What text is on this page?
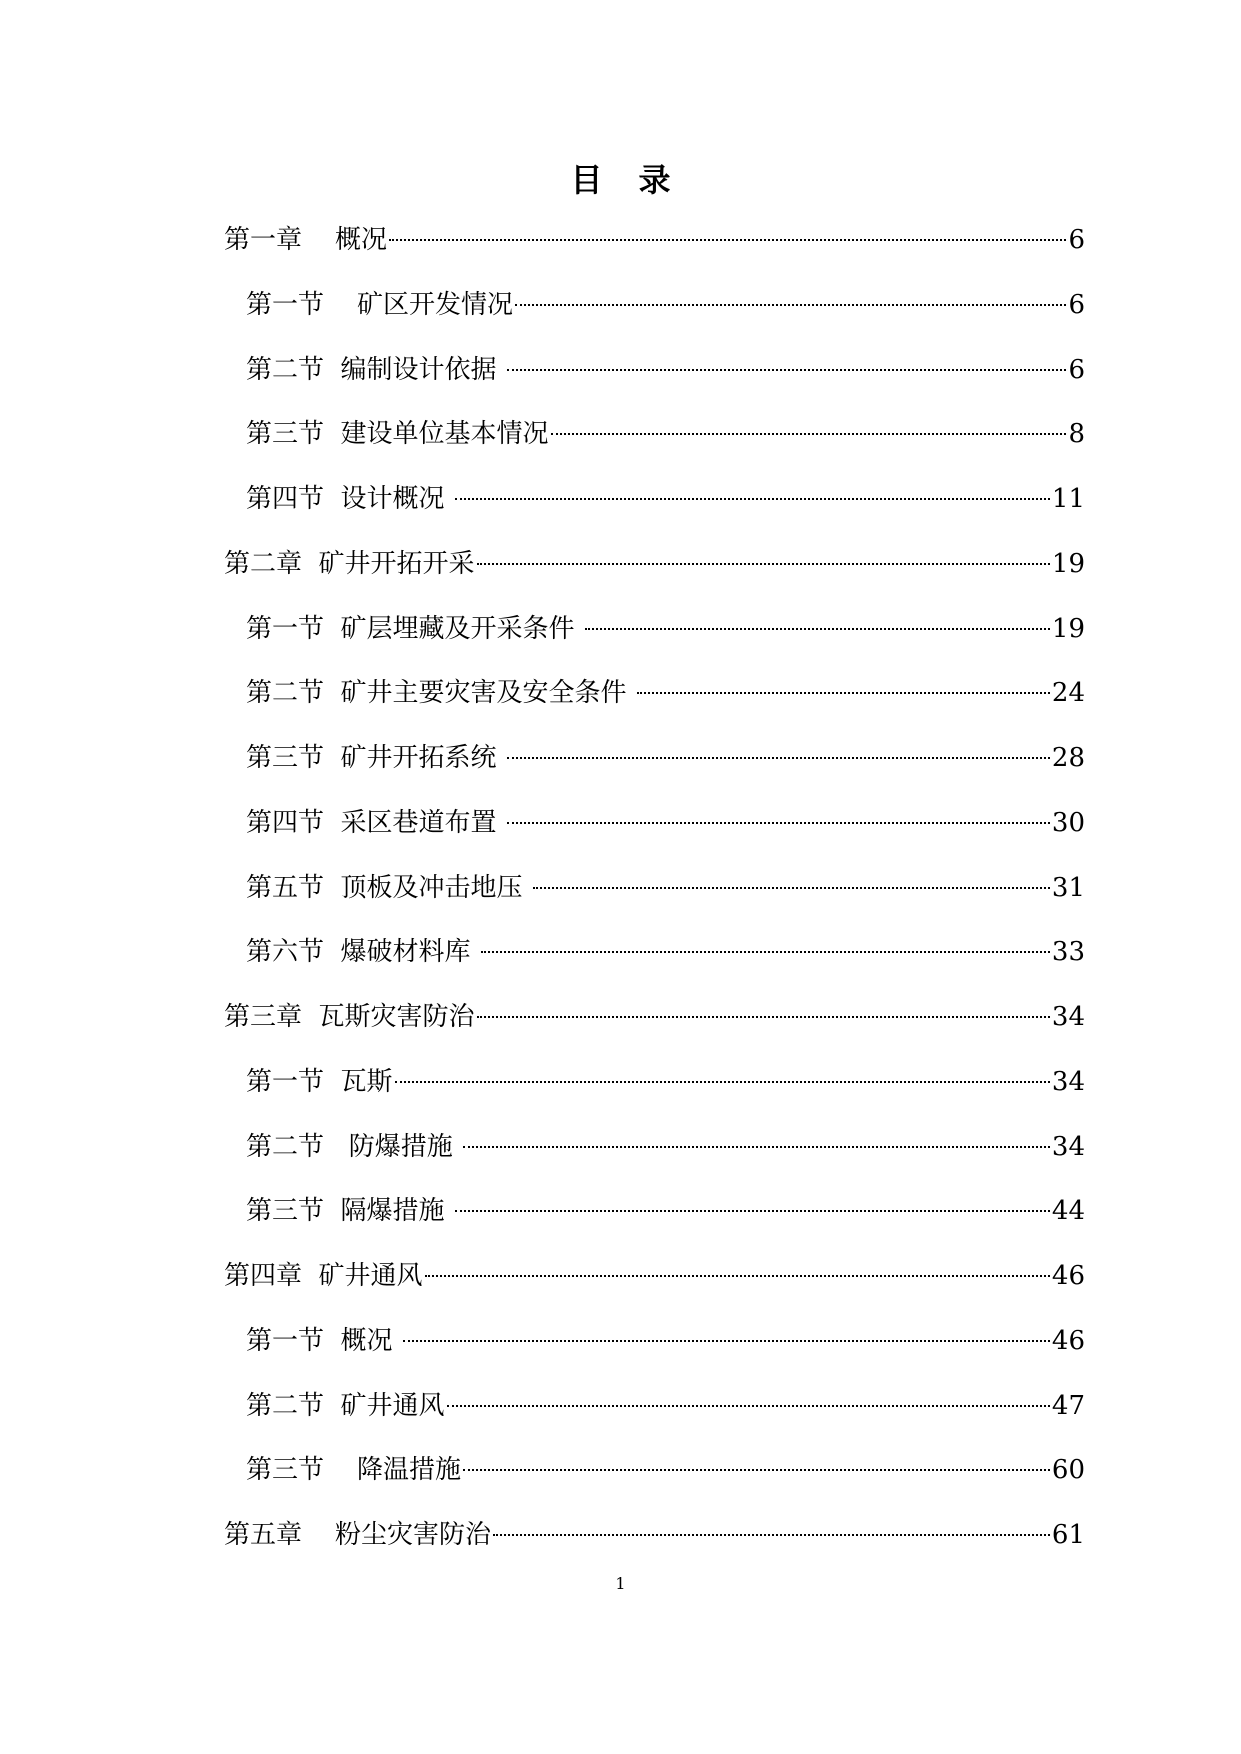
目录
第一章    概况	6
第一节    矿区开发情况	6
第二节  编制设计依据	6
第三节  建设单位基本情况	8
第四节  设计概况	11
第二章  矿井开拓开采	19
第一节  矿层埋藏及开采条件	19
第二节  矿井主要灾害及安全条件	24
第三节  矿井开拓系统	28
第四节  采区巷道布置	30
第五节  顶板及冲击地压	31
第六节  爆破材料库	33
第三章  瓦斯灾害防治	34
第一节  瓦斯	34
第二节   防爆措施	34
第三节  隔爆措施	44
第四章  矿井通风	46
第一节  概况	46
第二节  矿井通风	47
第三节    降温措施	60
第五章    粉尘灾害防治	61
1
